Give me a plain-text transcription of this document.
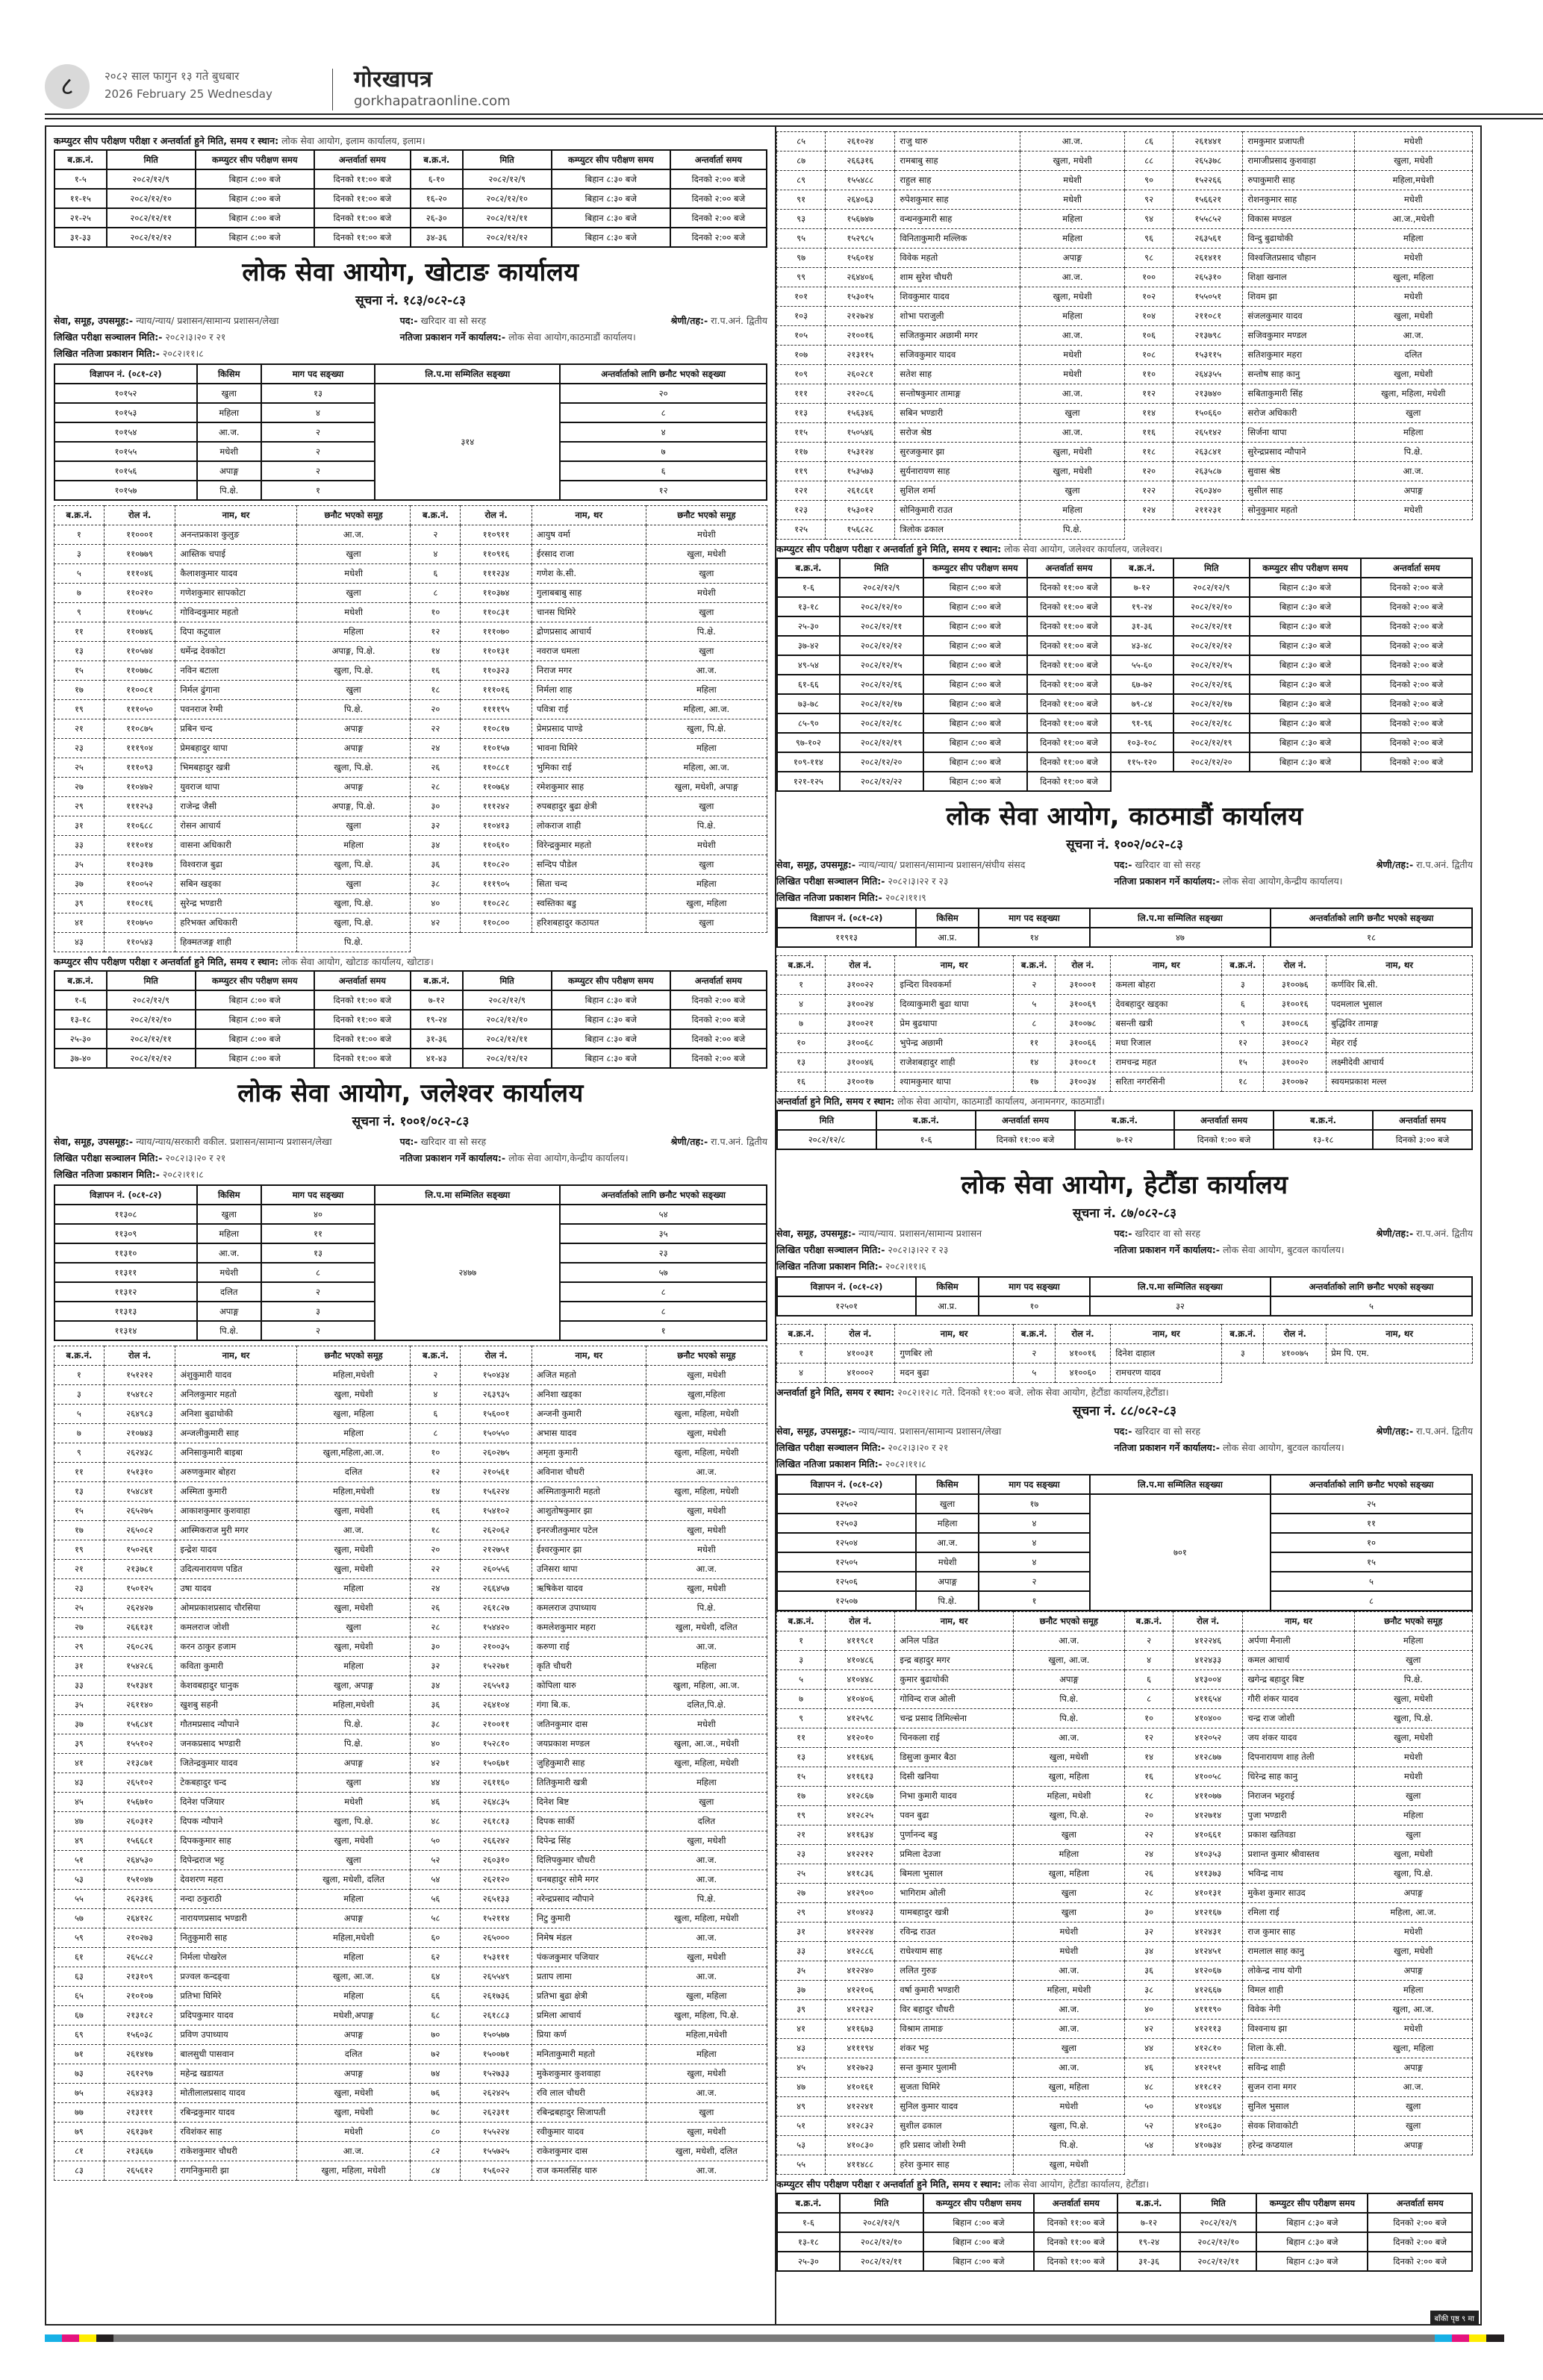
८	२०८२ साल फागुन १३ गते बुधबार
2026 February 25 Wednesday
गोरखापत्र
gorkhapatraonline.com
कम्प्युटर सीप परीक्षण परीक्षा र अन्तर्वार्ता हुने मिति, समय र स्थान: लोक सेवा आयोग, इलाम कार्यालय, इलाम।
ब.क्र.नं.	मिति	कम्प्युटर सीप परीक्षण समय	अन्तर्वार्ता समय	ब.क्र.नं.	मिति	कम्प्युटर सीप परीक्षण समय	अन्तर्वार्ता समय
१-५	२०८२/१२/९	बिहान ८:०० बजे	दिनको ११:०० बजे	६-१०	२०८२/१२/९	बिहान ८:३० बजे	दिनको २:०० बजे
११-१५	२०८२/१२/१०	बिहान ८:०० बजे	दिनको ११:०० बजे	१६-२०	२०८२/१२/१०	बिहान ८:३० बजे	दिनको २:०० बजे
२१-२५	२०८२/१२/११	बिहान ८:०० बजे	दिनको ११:०० बजे	२६-३०	२०८२/१२/११	बिहान ८:३० बजे	दिनको २:०० बजे
३१-३३	२०८२/१२/१२	बिहान ८:०० बजे	दिनको ११:०० बजे	३४-३६	२०८२/१२/१२	बिहान ८:३० बजे	दिनको २:०० बजे
लोक सेवा आयोग, खोटाङ कार्यालय
सूचना नं. १८३/०८२-८३
सेवा, समूह, उपसमूह:- न्याय/न्याय/ प्रशासन/सामान्य प्रशासन/लेखा	पद:- खरिदार वा सो सरह	श्रेणी/तह:- रा.प.अनं. द्वितीय
लिखित परीक्षा सञ्चालन मिति:- २०८२।३।२० र २१	नतिजा प्रकाशन गर्ने कार्यालय:- लोक सेवा आयोग,काठमाडौं कार्यालय।
लिखित नतिजा प्रकाशन मिति:- २०८२।११।८
विज्ञापन नं. (०८१-८२)	किसिम	माग पद सङ्ख्या	लि.प.मा सम्मिलित सङ्ख्या	अन्तर्वार्ताको लागि छनौट भएको सङ्ख्या
१०१५२	खुला	१३	३१४	२०
१०१५३	महिला	४		८
१०१५४	आ.ज.	२		४
१०१५५	मधेशी	२		७
१०१५६	अपाङ्ग	२		६
१०१५७	पि.क्षे.	१		१२
ब.क्र.नं.	रोल नं.	नाम, थर	छनौट भएको समूह	ब.क्र.नं.	रोल नं.	नाम, थर	छनौट भएको समूह
१	११०००१	अनन्तप्रकाश कुलुङ	आ.ज.	२	११०९११	आयुष वर्मा	मधेशी
३	११०७७९	आस्तिक चपाई	खुला	४	११०९१६	ईरसाद राजा	खुला, मधेशी
५	१११०४६	कैलाशकुमार यादव	मधेशी	६	१११२३४	गणेश के.सी.	खुला
७	११०२१०	गणेशकुमार सापकोटा	खुला	८	११०३७४	गुलाबबाबु साह	मधेशी
९	११०७५८	गोविन्दकुमार महतो	मधेशी	१०	११०८३१	चानस घिमिरे	खुला
११	११०७४६	दिपा कटुवाल	महिला	१२	१११०७०	द्रोणप्रसाद आचार्य	पि.क्षे.
१३	११०५७४	धर्मेन्द्र देवकोटा	अपाङ्ग, पि.क्षे.	१४	११०१३१	नवराज धमला	खुला
१५	११०७७८	नविन बटाला	खुला, पि.क्षे.	१६	११०३२३	निराज मगर	आ.ज.
१७	११००८१	निर्मल ढुंगाना	खुला	१८	१११०१६	निर्मला शाह	महिला
१९	१११०५०	पवनराज रेग्मी	पि.क्षे.	२०	११११९५	पवित्रा राई	महिला, आ.ज.
२१	११०८७५	प्रबिन चन्द	अपाङ्ग	२२	११०८१७	प्रेमप्रसाद पाण्डे	खुला, पि.क्षे.
२३	१११९०४	प्रेमबहादुर थापा	अपाङ्ग	२४	११०१५७	भावना घिमिरे	महिला
२५	१११०९३	भिमबहादुर खत्री	खुला, पि.क्षे.	२६	११०८८१	भुमिका राई	महिला, आ.ज.
२७	११०४७२	युवराज थापा	अपाङ्ग	२८	११०७६४	रमेशकुमार साह	खुला, मधेशी, अपाङ्ग
२९	१११२५३	राजेन्द्र जैसी	अपाङ्ग, पि.क्षे.	३०	१११२४२	रुपबहादुर बुढा क्षेत्री	खुला
३१	११०६८८	रोसन आचार्य	खुला	३२	११०४१३	लोकराज शाही	पि.क्षे.
३३	१११०१४	वासना अधिकारी	महिला	३४	११०६१०	विरेन्द्रकुमार महतो	मधेशी
३५	११०३१७	विश्वराज बुढा	खुला, पि.क्षे.	३६	११०८२०	सन्दिप पौडेल	खुला
३७	११००५२	सबिन खड्का	खुला	३८	१११९०५	सिता चन्द	महिला
३९	११०८१६	सुरेन्द्र भण्डारी	खुला, पि.क्षे.	४०	११०८२८	स्वस्तिका बडु	खुला, महिला
४१	११०७५०	हरिभक्त अधिकारी	खुला, पि.क्षे.	४२	११०८००	हरिशबहादुर कठायत	खुला
४३	११०५४३	हिक्मतजङ्ग शाही	पि.क्षे.				
कम्प्युटर सीप परीक्षण परीक्षा र अन्तर्वार्ता हुने मिति, समय र स्थान: लोक सेवा आयोग, खोटाङ कार्यालय, खोटाङ।
ब.क्र.नं.	मिति	कम्प्युटर सीप परीक्षण समय	अन्तर्वार्ता समय	ब.क्र.नं.	मिति	कम्प्युटर सीप परीक्षण समय	अन्तर्वार्ता समय
१-६	२०८२/१२/९	बिहान ८:०० बजे	दिनको ११:०० बजे	७-१२	२०८२/१२/९	बिहान ८:३० बजे	दिनको २:०० बजे
१३-१८	२०८२/१२/१०	बिहान ८:०० बजे	दिनको ११:०० बजे	१९-२४	२०८२/१२/१०	बिहान ८:३० बजे	दिनको २:०० बजे
२५-३०	२०८२/१२/११	बिहान ८:०० बजे	दिनको ११:०० बजे	३१-३६	२०८२/१२/११	बिहान ८:३० बजे	दिनको २:०० बजे
३७-४०	२०८२/१२/१२	बिहान ८:०० बजे	दिनको ११:०० बजे	४१-४३	२०८२/१२/१२	बिहान ८:३० बजे	दिनको २:०० बजे
लोक सेवा आयोग, जलेश्वर कार्यालय
सूचना नं. १००१/०८२-८३
सेवा, समूह, उपसमूह:- न्याय/न्याय/सरकारी वकील. प्रशासन/सामान्य प्रशासन/लेखा	पद:- खरिदार वा सो सरह	श्रेणी/तह:- रा.प.अनं. द्वितीय
लिखित परीक्षा सञ्चालन मिति:- २०८२।३।२० र २१	नतिजा प्रकाशन गर्ने कार्यालय:- लोक सेवा आयोग,केन्द्रीय कार्यालय।
लिखित नतिजा प्रकाशन मिति:- २०८२।११।८
विज्ञापन नं. (०८१-८२)	किसिम	माग पद सङ्ख्या	लि.प.मा सम्मिलित सङ्ख्या	अन्तर्वार्ताको लागि छनौट भएको सङ्ख्या
११३०८	खुला	४०	२४७७	५४
११३०९	महिला	११		३५
११३१०	आ.ज.	१३		२३
११३११	मधेशी	८		५७
११३१२	दलित	२		८
११३१३	अपाङ्ग	३		८
११३१४	पि.क्षे.	२		१
ब.क्र.नं.	रोल नं.	नाम, थर	छनौट भएको समूह	ब.क्र.नं.	रोल नं.	नाम, थर	छनौट भएको समूह
१	१५१२१२	अंशुकुमारी यादव	महिला,मधेशी	२	१५०४३४	अजित महतो	खुला, मधेशी
३	१५४१८२	अनिलकुमार महतो	खुला, मधेशी	४	२६३९३५	अनिशा खड्का	खुला,महिला
५	२६४९८३	अनिशा बुढाथोकी	खुला, महिला	६	१५६००१	अन्जनी कुमारी	खुला, महिला, मधेशी
७	२१०७४३	अन्जलीकुमारी साह	महिला	८	१५०५५०	अभास यादव	खुला, मधेशी
९	२६२४३८	अनिसाकुमारी बाइबा	खुला,महिला,आ.ज.	१०	२६०२७५	अमृता कुमारी	खुला, महिला, मधेशी
११	१५१३१०	अरुणकुमार बोहरा	दलित	१२	२१०५६१	अविनाश चौधरी	आ.ज.
१३	१५४८४१	अस्मिता कुमारी	महिला,मधेशी	१४	१५६२२४	अस्मिताकुमारी महतो	खुला, महिला, मधेशी
१५	२६५२७५	आकाशकुमार कुशवाहा	खुला, मधेशी	१६	१५४१०२	आशुतोषकुमार झा	खुला, मधेशी
१७	२६५०८२	आस्मिकराज मुरी मगर	आ.ज.	१८	२६२०६२	इनरजीतकुमार पटेल	खुला, मधेशी
१९	१५०२६१	इन्द्रेश यादव	खुला, मधेशी	२०	२१२७५१	ईश्वरकुमार झा	मधेशी
२१	२१३७८१	उदित्यनारायण पडित	खुला, मधेशी	२२	२६०५५६	उनिसरा थापा	आ.ज.
२३	१५०१२५	उषा यादव	महिला	२४	२६६४५७	ऋषिकेश यादव	खुला, मधेशी
२५	२६२४२७	ओमप्रकाशप्रसाद चौरसिया	खुला, मधेशी	२६	२६१८२७	कमलराज उपाध्याय	पि.क्षे.
२७	२६६१३१	कमलराज जोशी	खुला	२८	१५४४२०	कमलेशकुमार महरा	खुला, मधेशी, दलित
२९	२६०८२६	करन ठाकुर हजाम	खुला, मधेशी	३०	२१००३५	करुणा राई	आ.ज.
३१	१५४२८६	कविता कुमारी	महिला	३२	१५२२७१	कृति चौधरी	महिला
३३	१५१३४१	केशवबहादुर धानुक	खुला, अपाङ्ग	३४	२६५५१३	कोपिला थारु	खुला, महिला, आ.ज.
३५	२६११४०	खुशबु सहनी	महिला,मधेशी	३६	२६४१०४	गंगा बि.क.	दलित,पि.क्षे.
३७	१५६८४१	गौतमप्रसाद न्यौपाने	पि.क्षे.	३८	२१००११	जतिनकुमार दास	मधेशी
३९	१५५१०२	जनकप्रसाद भण्डारी	पि.क्षे.	४०	१५२८१०	जयप्रकाश मण्डल	खुला, आ.ज., मधेशी
४१	२१३८७१	जितेन्द्रकुमार यादव	अपाङ्ग	४२	१५०६७१	जुहिकुमारी साह	खुला, महिला, मधेशी
४३	२६५१०२	टेकबहादुर चन्द	खुला	४४	२६११६०	तितिकुमारी खत्री	महिला
४५	१५६७१०	दिनेश पजियार	मधेशी	४६	२६४८३५	दिनेश बिष्ट	खुला
४७	२६०३१२	दिपक न्यौपाने	खुला, पि.क्षे.	४८	२६१८१३	दिपक सार्की	दलित
४९	१५६६८१	दिपककुमार साह	खुला, मधेशी	५०	२६६२४२	दिपेन्द्र सिंह	खुला, मधेशी
५१	२६४५३०	दिपेन्द्रराज भट्ट	खुला	५२	२६०३१०	दिलिपकुमार चौधरी	आ.ज.
५३	१५१०४७	देवशरण महरा	खुला, मधेशी, दलित	५४	२६२१२०	धनबहादुर सोमै मगर	आ.ज.
५५	२६२३१६	नन्दा ठकुराठी	महिला	५६	२६५१३३	नरेन्द्रप्रसाद न्यौपाने	पि.क्षे.
५७	२६४१२८	नारायणप्रसाद भण्डारी	अपाङ्ग	५८	१५२११४	निटु कुमारी	खुला, महिला, मधेशी
५९	२१०२७३	नितुकुमारी साह	महिला,मधेशी	६०	२६५०००	निमेष मंडल	आ.ज.
६१	२६५८८२	निर्मला पोखरेल	महिला	६२	१५३१११	पंकजकुमार पजियार	खुला, मधेशी
६३	२१३१०९	प्रज्वल कन्दङ्वा	खुला, आ.ज.	६४	२६५५४९	प्रताप लामा	आ.ज.
६५	२१०१०७	प्रतिभा घिमिरे	महिला	६६	२६१७३६	प्रतिभा बुढा क्षेत्री	खुला, महिला
६७	२१३१८२	प्रदिपकुमार यादव	मधेशी,अपाङ्ग	६८	२६१८८३	प्रमिला आचार्य	खुला, महिला, पि.क्षे.
६९	१५६०३८	प्रविण उपाध्याय	अपाङ्ग	७०	१५०५७७	प्रिया कर्ण	महिला,मधेशी
७१	२६१४१७	बालसुधी पासवान	दलित	७२	१५००७१	मनिताकुमारी महतो	महिला
७३	२६१२९७	महेन्द्र खडायत	अपाङ्ग	७४	१५२७३३	मुकेशकुमार कुशवाहा	खुला, मधेशी
७५	२६४३१३	मोतीलालप्रसाद यादव	खुला, मधेशी	७६	२६२४२५	रवि लाल चौधरी	आ.ज.
७७	२१३१११	रबिन्द्रकुमार यादव	खुला, मधेशी	७८	२६२३११	रबिन्द्रबहादुर सिजापती	खुला
७९	२६१३७१	रविशंकर साह	मधेशी	८०	१५५२२४	रवीकुमार यादव	खुला, मधेशी
८१	२१३६६७	राकेशकुमार चौधरी	आ.ज.	८२	१५५७२५	राकेशकुमार दास	खुला, मधेशी, दलित
८३	२६५६१२	रागनिकुमारी झा	खुला, महिला, मधेशी	८४	१५६०२२	राज कमलसिंह थारु	आ.ज.
८५	२६१०२४	राजु थारु	आ.ज.	८६	२६१४४१	रामकुमार प्रजापती	मधेशी
८७	२६६३१६	रामबाबु साह	खुला, मधेशी	८८	२६५३७८	रामाजीप्रसाद कुशवाहा	खुला, मधेशी
८९	१५५४८८	राहुल साह	मधेशी	९०	१५२२६६	रुपाकुमारी साह	महिला,मधेशी
९१	२६४०६३	रुपेशकुमार साह	मधेशी	९२	१५६६२१	रोशनकुमार साह	मधेशी
९३	१५६७४७	वन्धनकुमारी साह	महिला	९४	१५५८५२	विकास मण्डल	आ.ज.,मधेशी
९५	१५२९८५	विनिताकुमारी मल्लिक	महिला	९६	२६३५६१	विन्दु बुढाथोकी	महिला
९७	१५६०१४	विवेक महतो	अपाङ्ग	९८	२६१४११	विश्वजितप्रसाद चौहान	मधेशी
९९	२६४४०६	शाम सुरेश चौधरी	आ.ज.	१००	२६५३१०	शिक्षा खनाल	खुला, महिला
१०१	१५३०१५	शिवकुमार यादव	खुला, मधेशी	१०२	१५५०५१	शिवम झा	मधेशी
१०३	२१२७२४	शोभा पराजुली	महिला	१०४	२११०८१	संजलकुमार यादव	खुला, मधेशी
१०५	२१००१६	सजितकुमार अछामी मगर	आ.ज.	१०६	२१३७९८	सजिवकुमार मण्डल	आ.ज.
१०७	२१३११५	सजिवकुमार यादव	मधेशी	१०८	१५३११५	सतिशकुमार महरा	दलित
१०९	२६०२८१	सतेश साह	मधेशी	११०	२६४३५५	सन्तोष साह कानु	खुला, मधेशी
१११	२१२०८६	सन्तोषकुमार तामाङ्ग	आ.ज.	११२	२१३७४०	सबिताकुमारी सिंह	खुला, महिला, मधेशी
११३	१५६३४६	सबिन भण्डारी	खुला	११४	१५०६६०	सरोज अधिकारी	खुला
११५	१५०५४६	सरोज श्रेष्ठ	आ.ज.	११६	२६५१४२	सिर्जना थापा	महिला
११७	१५३१२४	सुरजकुमार झा	खुला, मधेशी	११८	२६३८४१	सुरेन्द्रप्रसाद न्यौपाने	पि.क्षे.
११९	१५३५७३	सुर्यनारायण साह	खुला, मधेशी	१२०	२६३५८७	सुवास श्रेष्ठ	आ.ज.
१२१	२६१८६१	सुशिल शर्मा	खुला	१२२	२६०३४०	सुसील साह	अपाङ्ग
१२३	१५३०१२	सोनिकुमारी राउत	महिला	१२४	२११२३१	सोनुकुमार महतो	मधेशी
१२५	१५६८२८	त्रिलोक ढकाल	पि.क्षे.				
कम्प्युटर सीप परीक्षण परीक्षा र अन्तर्वार्ता हुने मिति, समय र स्थान: लोक सेवा आयोग, जलेश्वर कार्यालय, जलेश्वर।
ब.क्र.नं.	मिति	कम्प्युटर सीप परीक्षण समय	अन्तर्वार्ता समय	ब.क्र.नं.	मिति	कम्प्युटर सीप परीक्षण समय	अन्तर्वार्ता समय
१-६	२०८२/१२/९	बिहान ८:०० बजे	दिनको ११:०० बजे	७-१२	२०८२/१२/९	बिहान ८:३० बजे	दिनको २:०० बजे
१३-१८	२०८२/१२/१०	बिहान ८:०० बजे	दिनको ११:०० बजे	१९-२४	२०८२/१२/१०	बिहान ८:३० बजे	दिनको २:०० बजे
२५-३०	२०८२/१२/११	बिहान ८:०० बजे	दिनको ११:०० बजे	३१-३६	२०८२/१२/११	बिहान ८:३० बजे	दिनको २:०० बजे
३७-४२	२०८२/१२/१२	बिहान ८:०० बजे	दिनको ११:०० बजे	४३-४८	२०८२/१२/१२	बिहान ८:३० बजे	दिनको २:०० बजे
४९-५४	२०८२/१२/१५	बिहान ८:०० बजे	दिनको ११:०० बजे	५५-६०	२०८२/१२/१५	बिहान ८:३० बजे	दिनको २:०० बजे
६१-६६	२०८२/१२/१६	बिहान ८:०० बजे	दिनको ११:०० बजे	६७-७२	२०८२/१२/१६	बिहान ८:३० बजे	दिनको २:०० बजे
७३-७८	२०८२/१२/१७	बिहान ८:०० बजे	दिनको ११:०० बजे	७९-८४	२०८२/१२/१७	बिहान ८:३० बजे	दिनको २:०० बजे
८५-९०	२०८२/१२/१८	बिहान ८:०० बजे	दिनको ११:०० बजे	९१-९६	२०८२/१२/१८	बिहान ८:३० बजे	दिनको २:०० बजे
९७-१०२	२०८२/१२/१९	बिहान ८:०० बजे	दिनको ११:०० बजे	१०३-१०८	२०८२/१२/१९	बिहान ८:३० बजे	दिनको २:०० बजे
१०९-११४	२०८२/१२/२०	बिहान ८:०० बजे	दिनको ११:०० बजे	११५-१२०	२०८२/१२/२०	बिहान ८:३० बजे	दिनको २:०० बजे
१२१-१२५	२०८२/१२/२२	बिहान ८:०० बजे	दिनको ११:०० बजे				
लोक सेवा आयोग, काठमाडौं कार्यालय
सूचना नं. १००२/०८२-८३
सेवा, समूह, उपसमूह:- न्याय/न्याय/ प्रशासन/सामान्य प्रशासन/संघीय संसद	पद:- खरिदार वा सो सरह	श्रेणी/तह:- रा.प.अनं. द्वितीय
लिखित परीक्षा सञ्चालन मिति:- २०८२।३।२२ र २३	नतिजा प्रकाशन गर्ने कार्यालय:- लोक सेवा आयोग,केन्द्रीय कार्यालय।
लिखित नतिजा प्रकाशन मिति:- २०८२।११।९
विज्ञापन नं. (०८१-८२)	किसिम	माग पद सङ्ख्या	लि.प.मा सम्मिलित सङ्ख्या	अन्तर्वार्ताको लागि छनौट भएको सङ्ख्या
११९१३	आ.प्र.	१४	४७	१८
ब.क्र.नं.	रोल नं.	नाम, थर	ब.क्र.नं.	रोल नं.	नाम, थर	ब.क्र.नं.	रोल नं.	नाम, थर
१	३१००२२	इन्दिरा विश्वकर्मा	२	३१०००१	कमला बोहरा	३	३१००७६	कर्णविर बि.सी.
४	३१००२४	दिव्याकुमारी बुढा थापा	५	३१००६९	देवबहादुर खड्का	६	३१००१६	पदमलाल भुसाल
७	३१००२१	प्रेम बुढथापा	८	३१००७८	बसन्ती खत्री	९	३१००८६	बुद्धिविर तामाङ्ग
१०	३१००६८	भुपेन्द्र अछामी	११	३१००६६	मधा रिजाल	१२	३१००८२	मेहर राई
१३	३१००४६	राजेशबहादुर शाही	१४	३१००८१	रामचन्द्र महत	१५	३१००२०	लक्ष्मीदेवी आचार्य
१६	३१००१७	श्यामकुमार थापा	१७	३१००३४	सरिता नगरसिनी	१८	३१००७२	स्वयमप्रकाश मल्ल
अन्तर्वार्ता हुने मिति, समय र स्थान: लोक सेवा आयोग, काठमाडौं कार्यालय, अनामनगर, काठमाडौं।
मिति	ब.क्र.नं.	अन्तर्वार्ता समय	ब.क्र.नं.	अन्तर्वार्ता समय	ब.क्र.नं.	अन्तर्वार्ता समय
२०८२/१२/८	१-६	दिनको ११:०० बजे	७-१२	दिनको १:०० बजे	१३-१८	दिनको ३:०० बजे
लोक सेवा आयोग, हेटौंडा कार्यालय
सूचना नं. ८७/०८२-८३
सेवा, समूह, उपसमूह:- न्याय/न्याय. प्रशासन/सामान्य प्रशासन	पद:- खरिदार वा सो सरह	श्रेणी/तह:- रा.प.अनं. द्वितीय
लिखित परीक्षा सञ्चालन मिति:- २०८२।३।२२ र २३	नतिजा प्रकाशन गर्ने कार्यालय:- लोक सेवा आयोग, बुटवल कार्यालय।
लिखित नतिजा प्रकाशन मिति:- २०८२।११।६
विज्ञापन नं. (०८१-८२)	किसिम	माग पद सङ्ख्या	लि.प.मा सम्मिलित सङ्ख्या	अन्तर्वार्ताको लागि छनौट भएको सङ्ख्या
१२५०१	आ.प्र.	१०	३२	५
ब.क्र.नं.	रोल नं.	नाम, थर	ब.क्र.नं.	रोल नं.	नाम, थर	ब.क्र.नं.	रोल नं.	नाम, थर
१	४१००३१	गुणबिर लो	२	४१००१६	दिनेश दाहाल	३	४१००७५	प्रेम पि. एम.
४	४१०००२	मदन बुढा	५	४१००६०	रामचरण यादव			
अन्तर्वार्ता हुने मिति, समय र स्थान: २०८२।१२।८ गते. दिनको ११:०० बजे. लोक सेवा आयोग, हेटौंडा कार्यालय,हेटौंडा।
सूचना नं. ८८/०८२-८३
सेवा, समूह, उपसमूह:- न्याय/न्याय. प्रशासन/सामान्य प्रशासन/लेखा	पद:- खरिदार वा सो सरह	श्रेणी/तह:- रा.प.अनं. द्वितीय
लिखित परीक्षा सञ्चालन मिति:- २०८२।३।२० र २१	नतिजा प्रकाशन गर्ने कार्यालय:- लोक सेवा आयोग, बुटवल कार्यालय।
लिखित नतिजा प्रकाशन मिति:- २०८२।११।८
विज्ञापन नं. (०८१-८२)	किसिम	माग पद सङ्ख्या	लि.प.मा सम्मिलित सङ्ख्या	अन्तर्वार्ताको लागि छनौट भएको सङ्ख्या
१२५०२	खुला	१७	७०१	२५
१२५०३	महिला	४		११
१२५०४	आ.ज.	४		१०
१२५०५	मधेशी	४		१५
१२५०६	अपाङ्ग	२		५
१२५०७	पि.क्षे.	१		८
ब.क्र.नं.	रोल नं.	नाम, थर	छनौट भएको समूह	ब.क्र.नं.	रोल नं.	नाम, थर	छनौट भएको समूह
१	४११९८१	अनिल पडित	आ.ज.	२	४१२२४६	अर्पणा मैनाली	महिला
३	४१०४८६	इन्द्र बहादुर मगर	खुला, आ.ज.	४	४१२४३३	कमल आचार्य	खुला
५	४१०४४८	कुमार बुढाथोकी	अपाङ्ग	६	४१३००४	खगेन्द्र बहादुर बिष्ट	पि.क्षे.
७	४१०४०६	गोविन्द राज ओली	पि.क्षे.	८	४११६५४	गौरी शंकर यादव	खुला, मधेशी
९	४१२५९८	चन्द्र प्रसाद तिमिल्सेना	पि.क्षे.	१०	४१०४००	चन्द्र राज जोशी	खुला, पि.क्षे.
११	४१२०१०	चिनकला राई	आ.ज.	१२	४१२०५२	जय शंकर यादव	खुला, मधेशी
१३	४११६४६	डिसुजा कुमार बैठा	खुला, मधेशी	१४	४१२८७७	दिपनारायण शाह तेली	मधेशी
१५	४११६१३	दिसी खनिया	खुला, महिला	१६	४१००५८	धिरेन्द्र साह कानु	मधेशी
१७	४१२८६७	निभा कुमारी यादव	महिला, मधेशी	१८	४११०७७	निराजन भट्टराई	खुला
१९	४१२८२५	पवन बुढा	खुला, पि.क्षे.	२०	४१२७१४	पुजा भण्डारी	महिला
२१	४११६३४	पुर्णानन्द बडु	खुला	२२	४१०६६१	प्रकाश खतिवडा	खुला
२३	४१२२१२	प्रमिला देउजा	महिला	२४	४१०३५३	प्रशान्त कुमार श्रीवास्तव	खुला, मधेशी
२५	४११८३६	बिमला भुसाल	खुला, महिला	२६	४११३७३	भविन्द्र नाथ	खुला, पि.क्षे.
२७	४१२९००	भागिराम ओली	खुला	२८	४१०१३१	मुकेश कुमार साउद	अपाङ्ग
२९	४१०४२३	यामबहादुर खत्री	खुला	३०	४१२१६७	रमिला राई	महिला, आ.ज.
३१	४१२२२४	रविन्द्र राउत	मधेशी	३२	४१२४३१	राज कुमार साह	मधेशी
३३	४१२८८६	राधेश्याम साह	मधेशी	३४	४१२४५१	रामलाल साह कानु	खुला, मधेशी
३५	४१२२४०	ललित गुरुङ	आ.ज.	३६	४१२०६७	लोकेन्द्र नाथ योगी	अपाङ्ग
३७	४१२१०६	वर्षा कुमारी भण्डारी	महिला, मधेशी	३८	४१२६६७	विमल शाही	महिला
३९	४१२१३२	विर बहादुर चौधरी	आ.ज.	४०	४१११९०	विवेक नेगी	खुला, आ.ज.
४१	४११६७३	विश्राम तामाङ	आ.ज.	४२	४१२११३	विश्वनाथ झा	मधेशी
४३	४१११९४	शंकर भट्ट	खुला	४४	४१२८१०	शिला के.सी.	खुला, महिला
४५	४१२७२३	सन्त कुमार पुलामी	आ.ज.	४६	४१२१५१	सविन्द्र शाही	अपाङ्ग
४७	४१०१६१	सुजता घिमिरे	खुला, महिला	४८	४११८१२	सुजन राना मगर	आ.ज.
४९	४१२२४१	सुनिल कुमार यादव	मधेशी	५०	४१०४६४	सुनिल भुसाल	खुला
५१	४१२८३२	सुशील ढकाल	खुला, पि.क्षे.	५२	४१०६३०	सेवक शिवाकोटी	खुला
५३	४१०८३०	हरि प्रसाद जोशी रेग्मी	पि.क्षे.	५४	४१०७३४	हरेन्द्र कप्डयाल	अपाङ्ग
५५	४११४८८	हरेश कुमार साह	खुला, मधेशी				
कम्प्युटर सीप परीक्षण परीक्षा र अन्तर्वार्ता हुने मिति, समय र स्थान: लोक सेवा आयोग, हेटौंडा कार्यालय, हेटौंडा।
ब.क्र.नं.	मिति	कम्प्युटर सीप परीक्षण समय	अन्तर्वार्ता समय	ब.क्र.नं.	मिति	कम्प्युटर सीप परीक्षण समय	अन्तर्वार्ता समय
१-६	२०८२/१२/९	बिहान ८:०० बजे	दिनको ११:०० बजे	७-१२	२०८२/१२/९	बिहान ८:३० बजे	दिनको २:०० बजे
१३-१८	२०८२/१२/१०	बिहान ८:०० बजे	दिनको ११:०० बजे	१९-२४	२०८२/१२/१०	बिहान ८:३० बजे	दिनको २:०० बजे
२५-३०	२०८२/१२/११	बिहान ८:०० बजे	दिनको ११:०० बजे	३१-३६	२०८२/१२/११	बिहान ८:३० बजे	दिनको २:०० बजे
बाँकी पृष्ठ ९ मा
